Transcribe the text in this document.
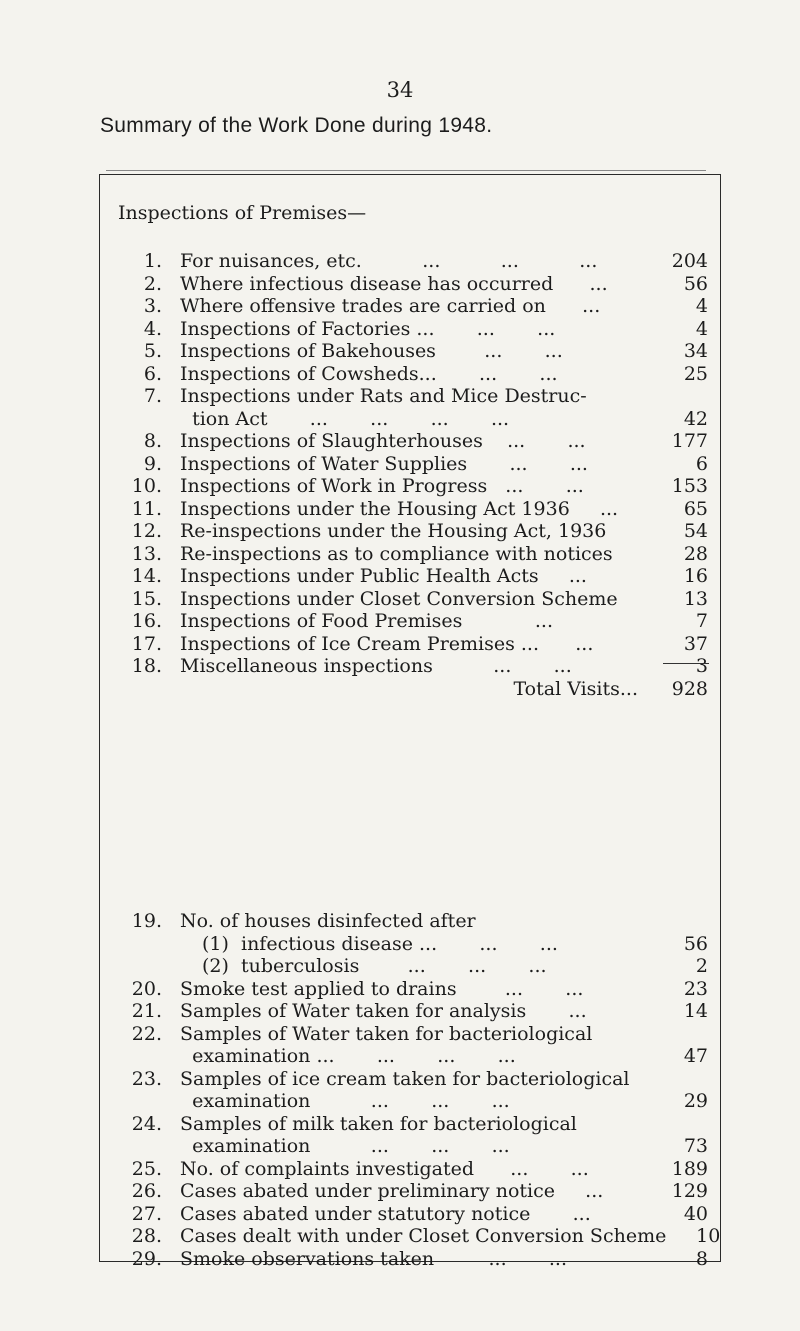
34
Summary of the Work Done during 1948.
Inspections of Premises—
1. For nuisances, etc.          ...          ...          ...	204
2. Where infectious disease has occurred      ...	56
3. Where offensive trades are carried on      ...	4
4. Inspections of Factories ...       ...       ...	4
5. Inspections of Bakehouses        ...       ...	34
6. Inspections of Cowsheds...       ...       ...	25
7. Inspections under Rats and Mice Destruc-
tion Act       ...       ...       ...       ...	42
8. Inspections of Slaughterhouses    ...       ...	177
9. Inspections of Water Supplies       ...       ...	6
10. Inspections of Work in Progress   ...       ...	153
11. Inspections under the Housing Act 1936     ...	65
12. Re-inspections under the Housing Act, 1936	54
13. Re-inspections as to compliance with notices	28
14. Inspections under Public Health Acts     ...	16
15. Inspections under Closet Conversion Scheme	13
16. Inspections of Food Premises            ...	7
17. Inspections of Ice Cream Premises ...      ...	37
18. Miscellaneous inspections          ...       ...	3
Total Visits...	928
19. No. of houses disinfected after
(1)  infectious disease ...       ...       ...	56
(2)  tuberculosis        ...       ...       ...	2
20. Smoke test applied to drains        ...       ...	23
21. Samples of Water taken for analysis       ...	14
22. Samples of Water taken for bacteriological
examination ...       ...       ...       ...	47
23. Samples of ice cream taken for bacteriological
examination          ...       ...       ...	29
24. Samples of milk taken for bacteriological
examination          ...       ...       ...	73
25. No. of complaints investigated      ...       ...	189
26. Cases abated under preliminary notice     ...	129
27. Cases abated under statutory notice       ...	40
28. Cases dealt with under Closet Conversion Scheme	10
29. Smoke observations taken         ...       ...	8
